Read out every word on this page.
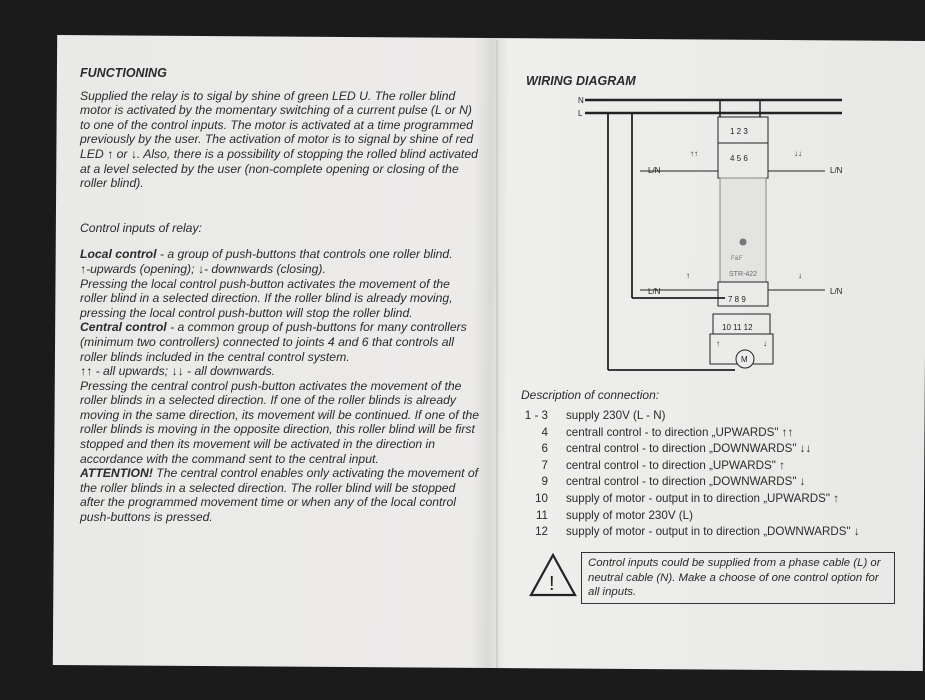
FUNCTIONING

Supplied the relay is to sigal by shine of green LED U. The roller blind motor is activated by the momentary switching of a current pulse (L or N) to one of the control inputs. The motor is activated at a time programmed previously by the user. The activation of motor is to signal by shine of red LED ↑ or ↓. Also, there is a possibility of stopping the rolled blind activated at a level selected by the user (non-complete opening or closing of the roller blind).

Control inputs of relay:

Local control - a group of push-buttons that controls one roller blind.

↑-upwards (opening); ↓- downwards (closing).

Pressing the local control push-button activates the movement of the roller blind in a selected direction. If the roller blind is already moving, pressing the local control push-button will stop the roller blind.

Central control - a common group of push-buttons for many controllers (minimum two controllers) connected to joints 4 and 6 that controls all roller blinds included in the central control system.

↑↑ - all upwards; ↓↓ - all downwards.

Pressing the central control push-button activates the movement of the roller blinds in a selected direction. If one of the roller blinds is already moving in the same direction, its movement will be continued. If one of the roller blinds is moving in the opposite direction, this roller blind will be first stopped and then its movement will be activated in the direction in accordance with the command sent to the central input.

ATTENTION! The central control enables only activating the movement of the roller blinds in a selected direction. The roller blind will be stopped after the programmed movement time or when any of the local control push-buttons is pressed.

WIRING DIAGRAM
N
L
1 2 3
4 5 6
F&F
STR-422
7 8 9
L/N
↑↑
L/N
↓↓
L/N
↑
L/N
↓
10 11 12
↑	↓
M
Description of connection:
1 - 3	supply 230V (L - N)
4	centrall control - to direction „UPWARDS" ↑↑
6	central control - to direction „DOWNWARDS" ↓↓
7	central control - to direction „UPWARDS" ↑
9	central control - to direction „DOWNWARDS" ↓
10	supply of motor - output in to direction „UPWARDS" ↑
11	supply of motor 230V (L)
12	supply of motor - output in to direction „DOWNWARDS" ↓
!
Control inputs could be supplied from a phase cable (L) or neutral cable (N). Make a choose of one control option for all inputs.
